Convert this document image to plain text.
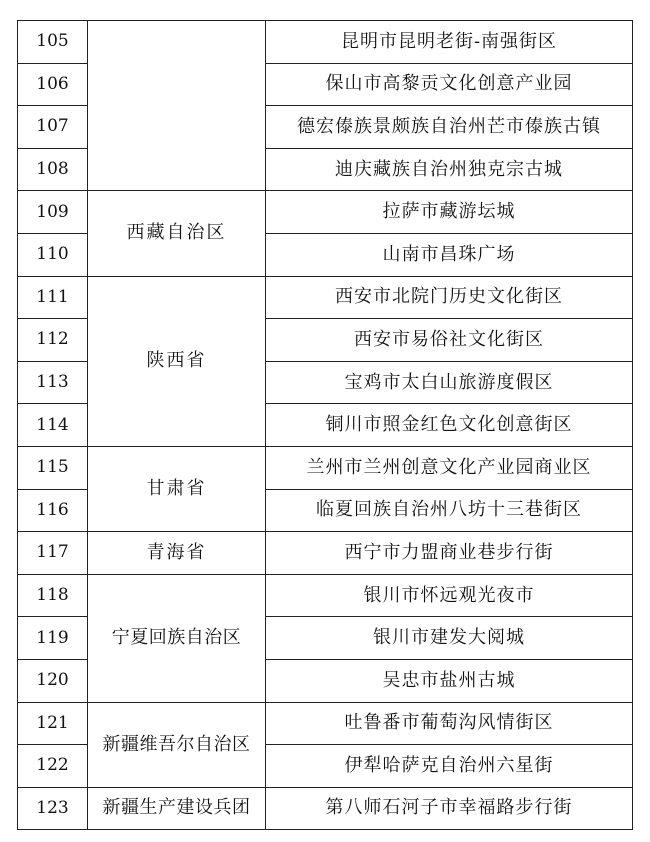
105		昆明市昆明老街-南强街区
106		保山市高黎贡文化创意产业园
107		德宏傣族景颇族自治州芒市傣族古镇
108		迪庆藏族自治州独克宗古城
109	西藏自治区	拉萨市藏游坛城
110		山南市昌珠广场
111	陕西省	西安市北院门历史文化街区
112		西安市易俗社文化街区
113		宝鸡市太白山旅游度假区
114		铜川市照金红色文化创意街区
115	甘肃省	兰州市兰州创意文化产业园商业区
116		临夏回族自治州八坊十三巷街区
117	青海省	西宁市力盟商业巷步行街
118	宁夏回族自治区	银川市怀远观光夜市
119		银川市建发大阅城
120		吴忠市盐州古城
121	新疆维吾尔自治区	吐鲁番市葡萄沟风情街区
122		伊犁哈萨克自治州六星街
123	新疆生产建设兵团	第八师石河子市幸福路步行街
